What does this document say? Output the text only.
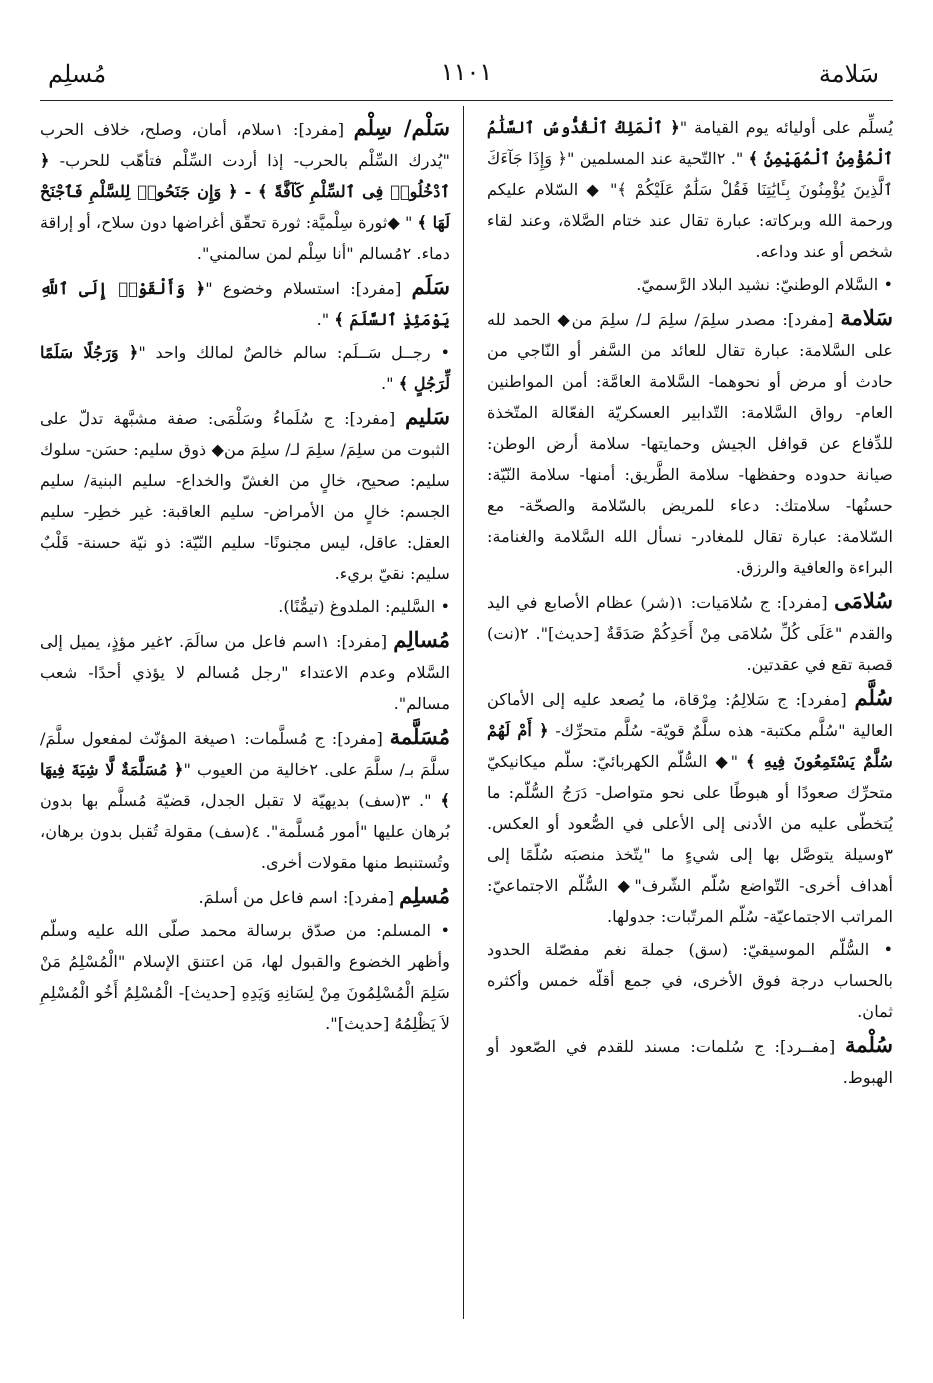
سَلامة
١١٠١
مُسلِم

يُسلِّم على أوليائه يوم القيامة "﴿ ٱلْمَلِكُ ٱلْقُدُّوسُ ٱلسَّلَٰمُ ٱلْمُؤْمِنُ ٱلْمُهَيْمِنُ ﴾ ". ٢التّحية عند المسلمين "﴿ وَإِذَا جَآءَكَ ٱلَّذِينَ يُؤْمِنُونَ بِـَٔايَٰتِنَا فَقُلْ سَلَٰمٌ عَلَيْكُمْ ﴾" ◆ السّلام عليكم ورحمة الله وبركاته: عبارة تقال عند ختام الصَّلاة، وعند لقاء شخص أو عند وداعه.

• السَّلام الوطنيّ: نشيد البلاد الرَّسميّ.

سَلامة [مفرد]: مصدر سلِمَ/ سلِمَ لـ/ سلِمَ من◆ الحمد لله على السَّلامة: عبارة تقال للعائد من السَّفر أو النّاجي من حادث أو مرض أو نحوهما- السَّلامة العامَّة: أمن المواطنين العام- رواق السَّلامة: التّدابير العسكريّة الفعّالة المتّخذة للدِّفاع عن قوافل الجيش وحمايتها- سلامة أرض الوطن: صيانة حدوده وحفظها- سلامة الطَّريق: أمنها- سلامة النّيّة: حسنُها- سلامتك: دعاء للمريض بالسّلامة والصحّة- مع السّلامة: عبارة تقال للمغادر- نسأل الله السَّلامة والغنامة: البراءة والعافية والرزق.

سُلامَى [مفرد]: ج سُلامَيات: ١(شر) عظام الأصابع في اليد والقدم "عَلَى كُلِّ سُلامَى مِنْ أَحَدِكُمْ صَدَقَةٌ [حديث]". ٢(نت) قصبة تقع في عقدتين.

سُلَّم [مفرد]: ج سَلالِمُ: مِرْقاة، ما يُصعد عليه إلى الأماكن العالية "سُلَّم مكتبة- هذه سلَّمٌ قويّة- سُلَّم متحرِّك- ﴿ أَمْ لَهُمْ سُلَّمٌ يَسْتَمِعُونَ فِيهِ ﴾ "◆ السُّلّم الكهربائيّ: سلّم ميكانيكيّ متحرِّك صعودًا أو هبوطًا على نحو متواصل- دَرَجُ السُّلّم: ما يُتخطّى عليه من الأدنى إلى الأعلى في الصُّعود أو العكس. ٣وسيلة يتوصَّل بها إلى شيءٍ ما "يتّخذ منصبَه سُلّمًا إلى أهداف أخرى- التّواضع سُلّم الشّرف"◆ السُّلّم الاجتماعيّ: المراتب الاجتماعيّة- سُلّم المرتّبات: جدولها.

• السُّلّم الموسيقيّ: (سق) جملة نغم مفصّلة الحدود بالحساب درجة فوق الأخرى، في جمع أقلّه خمس وأكثره ثمان.

سُلْمة [مفــرد]: ج سُلمات: مسند للقدم في الصّعود أو الهبوط.

سَلْم/ سِلْم [مفرد]: ١سلام، أمان، وصلح، خلاف الحرب "يُدرك السِّلْم بالحرب- إذا أردت السِّلْم فتأهّب للحرب- ﴿ ٱدْخُلُوا۟ فِى ٱلسِّلْمِ كَآفَّةً ﴾ - ﴿ وَإِن جَنَحُوا۟ لِلسَّلْمِ فَٱجْنَحْ لَهَا ﴾ " ◆ثورة سِلْميَّة: ثورة تحقّق أغراضها دون سلاح، أو إراقة دماء. ٢مُسالم "أنا سِلْم لمن سالمني".

سَلَم [مفرد]: استسلام وخضوع "﴿ وَأَلْقَوْا۟ إِلَى ٱللَّهِ يَوْمَئِذٍ ٱلسَّلَمَ ﴾ ".

• رجــل سَــلَم: سالم خالصٌ لمالك واحد "﴿ وَرَجُلًا سَلَمًا لِّرَجُلٍ ﴾ ".

سَليم [مفرد]: ج سُلَماءُ وسَلْمَى: صفة مشبَّهة تدلّ على الثبوت من سلِمَ/ سلِمَ لـ/ سلِمَ من◆ ذوق سليم: حسَن- سلوك سليم: صحيح، خالٍ من الغشّ والخداع- سليم البنية/ سليم الجسم: خالٍ من الأمراض- سليم العاقبة: غير خطِر- سليم العقل: عاقل، ليس مجنونًا- سليم النّيّة: ذو نيّة حسنة- قَلْبٌ سليم: نقيّ بريء.

• السَّليم: الملدوغ (تيمُّنًا).

مُسالِم [مفرد]: ١اسم فاعل من سالَمَ. ٢غير مؤذٍ، يميل إلى السَّلام وعدم الاعتداء "رجل مُسالم لا يؤذي أحدًا- شعب مسالم".

مُسَلَّمة [مفرد]: ج مُسلَّمات: ١صيغة المؤنّث لمفعول سلَّمَ/ سلَّمَ بـ/ سلَّمَ على. ٢خالية من العيوب "﴿ مُسَلَّمَةٌ لَّا شِيَةَ فِيهَا ﴾ ". ٣(سف) بديهيّة لا تقبل الجدل، قضيّة مُسلَّم بها بدون بُرهان عليها "أمور مُسلَّمة". ٤(سف) مقولة تُقبل بدون برهان، وتُستنبط منها مقولات أخرى.

مُسلِم [مفرد]: اسم فاعل من أسلمَ.

• المسلم: من صدّق برسالة محمد صلّى الله عليه وسلّم وأظهر الخضوع والقبول لها، مَن اعتنق الإسلام "الْمُسْلِمُ مَنْ سَلِمَ الْمُسْلِمُونَ مِنْ لِسَانِهِ وَيَدِهِ [حديث]- الْمُسْلِمُ أَخُو الْمُسْلِمِ لاَ يَظْلِمُهُ [حديث]".
